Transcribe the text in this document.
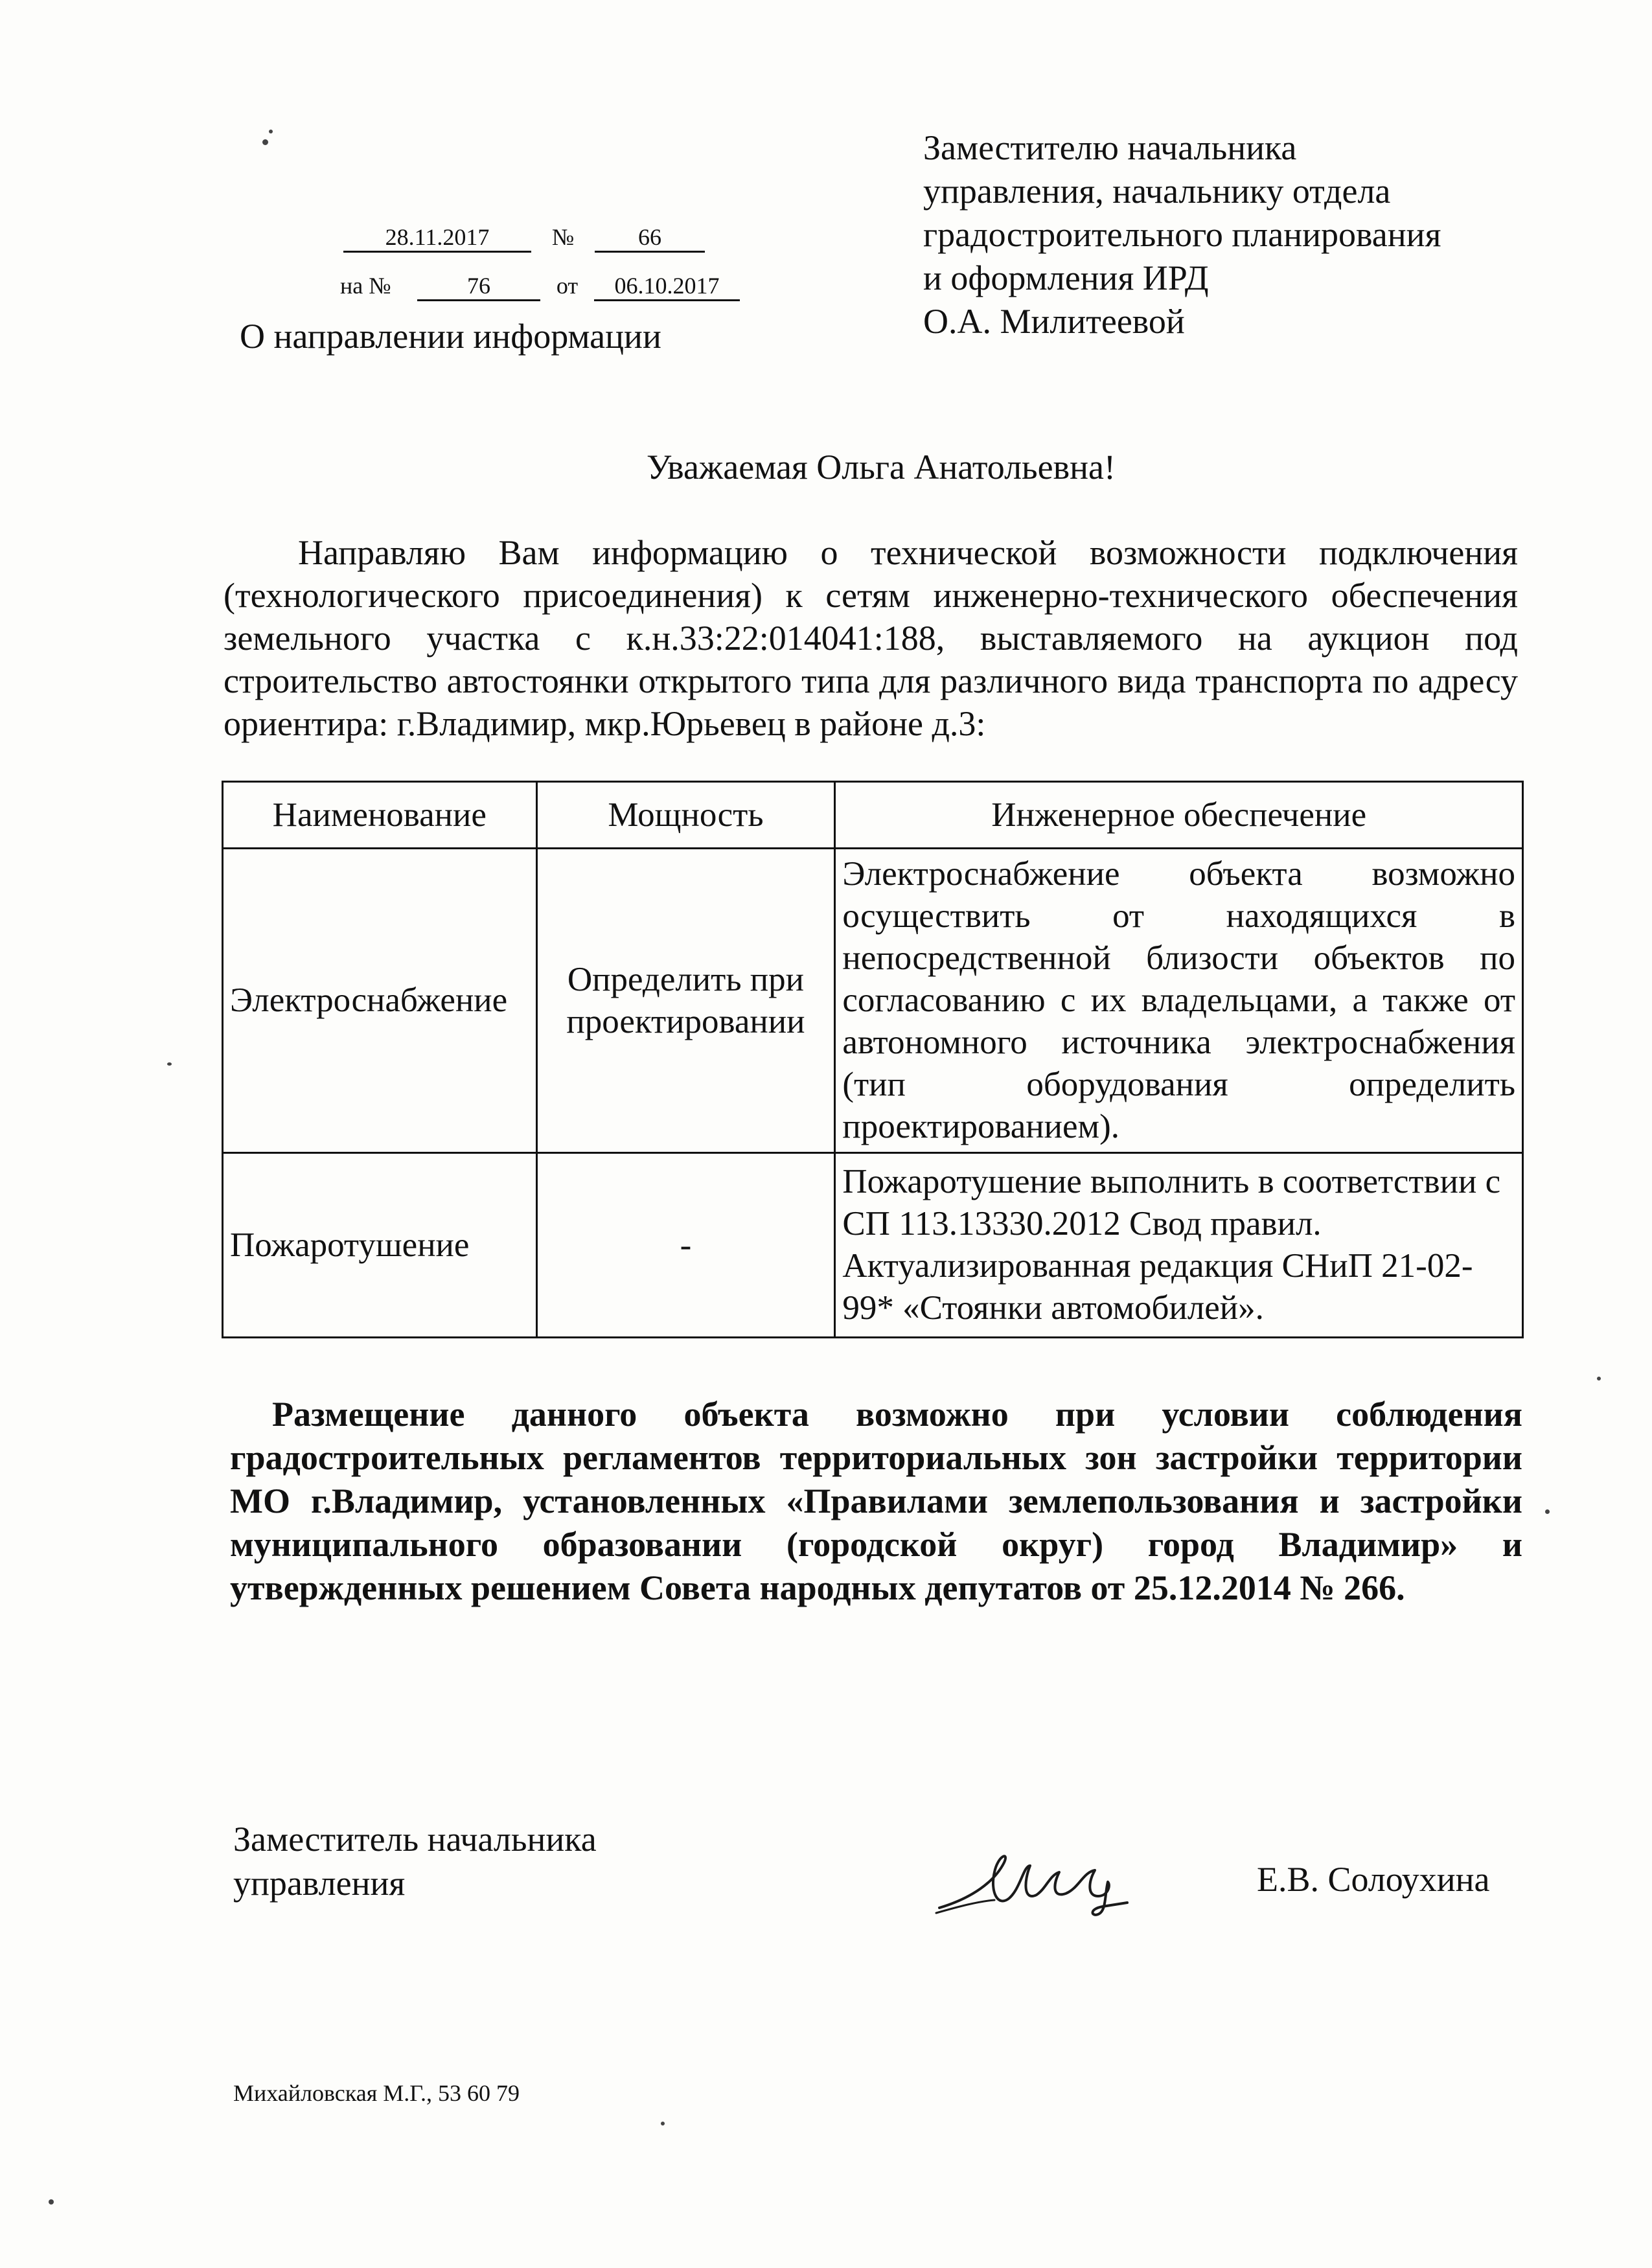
28.11.2017	№	66
на №	76	от 06.10.2017
О направлении информации
Заместителю начальника
управления, начальнику отдела
градостроительного планирования
и оформления ИРД
О.А. Милитеевой
Уважаемая Ольга Анатольевна!
Направляю Вам информацию о технической возможности подключения (технологического присоединения) к сетям инженерно-технического обеспечения земельного участка с к.н.33:22:014041:188, выставляемого на аукцион под строительство автостоянки открытого типа для различного вида транспорта по адресу ориентира: г.Владимир, мкр.Юрьевец в районе д.3:
Наименование	Мощность	Инженерное обеспечение
Электроснабжение	Определить при проектировании	Электроснабжение объекта возможно осуществить от находящихся в непосредственной близости объектов по согласованию с их владельцами, а также от автономного источника электроснабжения (тип оборудования определить проектированием).
Пожаротушение	-	Пожаротушение выполнить в соответствии с СП 113.13330.2012 Свод правил. Актуализированная редакция СНиП 21-02-99* «Стоянки автомобилей».
Размещение данного объекта возможно при условии соблюдения градостроительных регламентов территориальных зон застройки территории МО г.Владимир, установленных «Правилами землепользования и застройки муниципального образовании (городской округ) город Владимир» и утвержденных решением Совета народных депутатов от 25.12.2014 № 266.
Заместитель начальника
управления	Е.В. Солоухина
Михайловская М.Г., 53 60 79
